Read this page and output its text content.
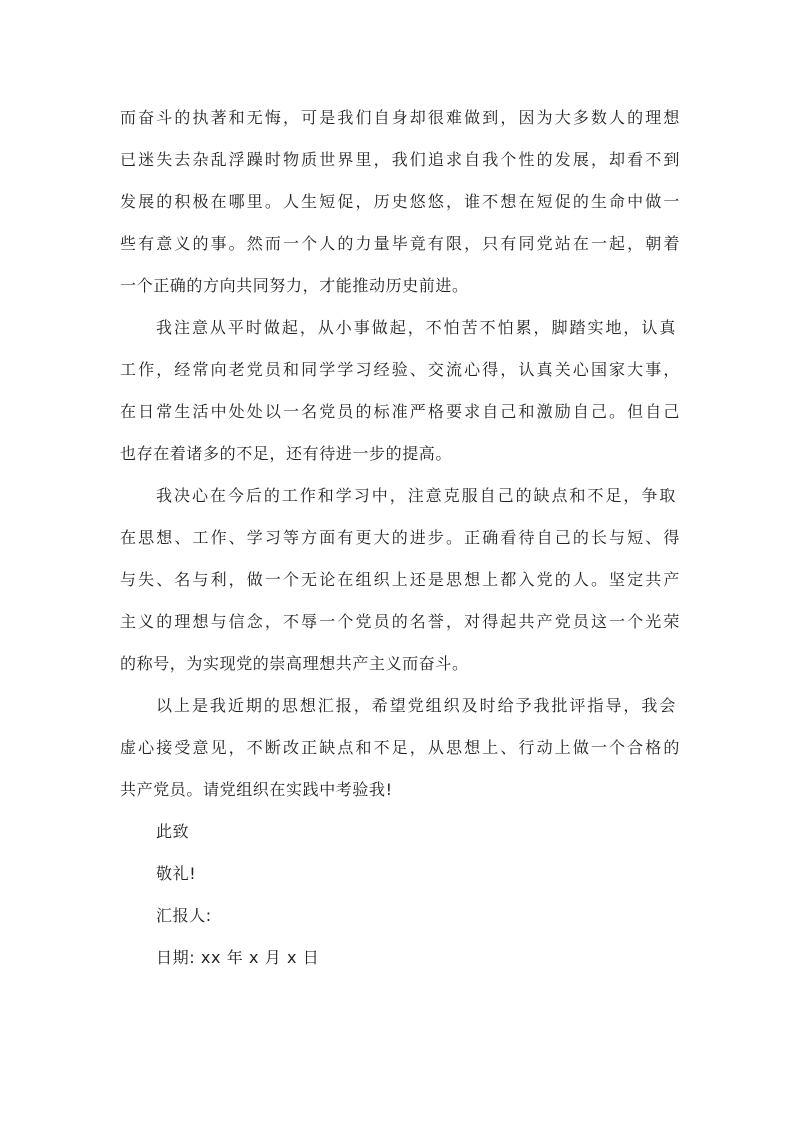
而奋斗的执著和无悔，可是我们自身却很难做到，因为大多数人的理想
已迷失去杂乱浮躁时物质世界里，我们追求自我个性的发展，却看不到
发展的积极在哪里。人生短促，历史悠悠，谁不想在短促的生命中做一
些有意义的事。然而一个人的力量毕竟有限，只有同党站在一起，朝着
一个正确的方向共同努力，才能推动历史前进。
我注意从平时做起，从小事做起，不怕苦不怕累，脚踏实地，认真
工作，经常向老党员和同学学习经验、交流心得，认真关心国家大事，
在日常生活中处处以一名党员的标准严格要求自己和激励自己。但自己
也存在着诸多的不足，还有待进一步的提高。
我决心在今后的工作和学习中，注意克服自己的缺点和不足，争取
在思想、工作、学习等方面有更大的进步。正确看待自己的长与短、得
与失、名与利，做一个无论在组织上还是思想上都入党的人。坚定共产
主义的理想与信念，不辱一个党员的名誉，对得起共产党员这一个光荣
的称号，为实现党的崇高理想共产主义而奋斗。
以上是我近期的思想汇报，希望党组织及时给予我批评指导，我会
虚心接受意见，不断改正缺点和不足，从思想上、行动上做一个合格的
共产党员。请党组织在实践中考验我!
此致
敬礼!
汇报人:
日期: xx 年 x 月 x 日
